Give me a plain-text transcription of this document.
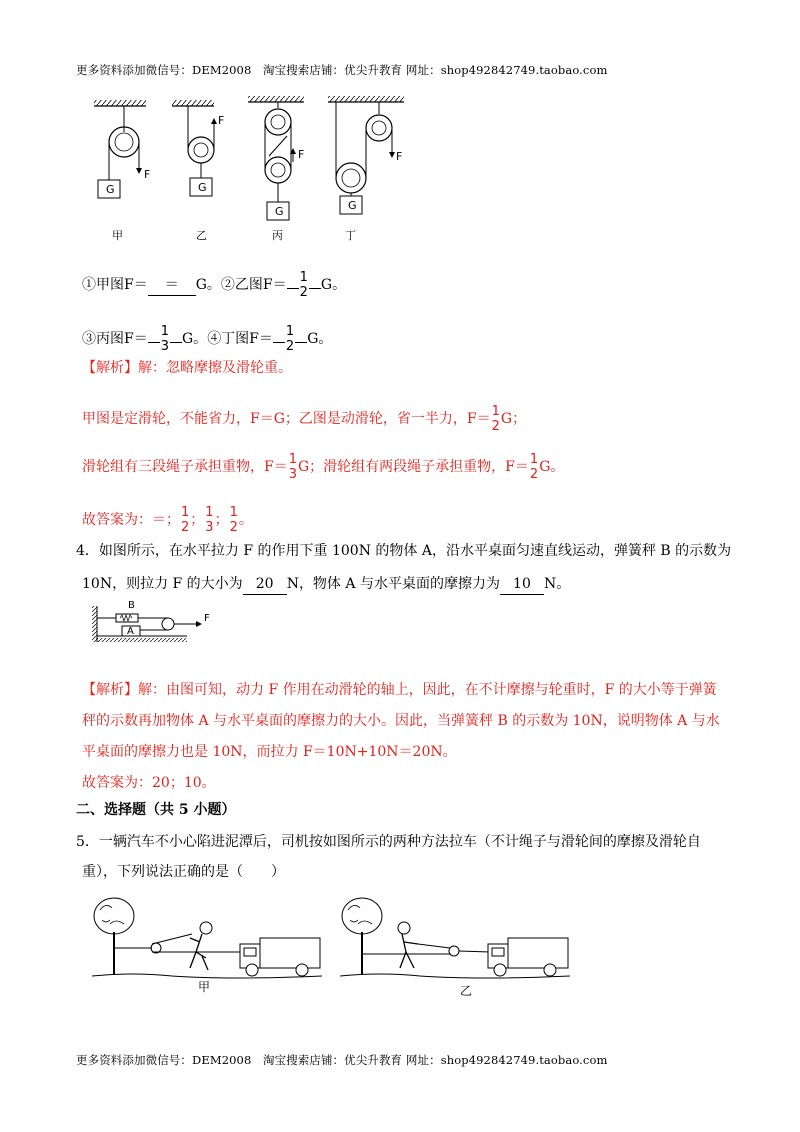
更多资料添加微信号：DEM2008　淘宝搜索店铺：优尖升教育 网址：shop492842749.taobao.com
G	G
G	G
F
F
F	F
甲	乙	丙	丁
①甲图F＝ ＝ G。②乙图F＝ 1
2 G。
③丙图F＝ 1
3 G。④丁图F＝ 1
2 G。
【解析】解：忽略摩擦及滑轮重。
甲图是定滑轮，不能省力，F＝G；乙图是动滑轮，省一半力，F＝ 1
2 G；
滑轮组有三段绳子承担重物，F＝ 1
3 G；滑轮组有两段绳子承担重物，F＝ 1
2 G。
故答案为：＝； 1
2 ； 1
3 ； 1
2 。
4．如图所示，在水平拉力 F 的作用下重 100N 的物体 A，沿水平桌面匀速直线运动，弹簧秤 B 的示数为
10N，则拉力 F 的大小为 20 N，物体 A 与水平桌面的摩擦力为 10 N。
B
A
F
【解析】解：由图可知，动力 F 作用在动滑轮的轴上，因此，在不计摩擦与轮重时，F 的大小等于弹簧
秤的示数再加物体 A 与水平桌面的摩擦力的大小。因此，当弹簧秤 B 的示数为 10N，说明物体 A 与水
平桌面的摩擦力也是 10N，而拉力 F＝10N+10N＝20N。
故答案为：20；10。
二、选择题（共 5 小题）
5．一辆汽车不小心陷进泥潭后，司机按如图所示的两种方法拉车（不计绳子与滑轮间的摩擦及滑轮自
重），下列说法正确的是（　　）
甲	乙
更多资料添加微信号：DEM2008　淘宝搜索店铺：优尖升教育 网址：shop492842749.taobao.com
